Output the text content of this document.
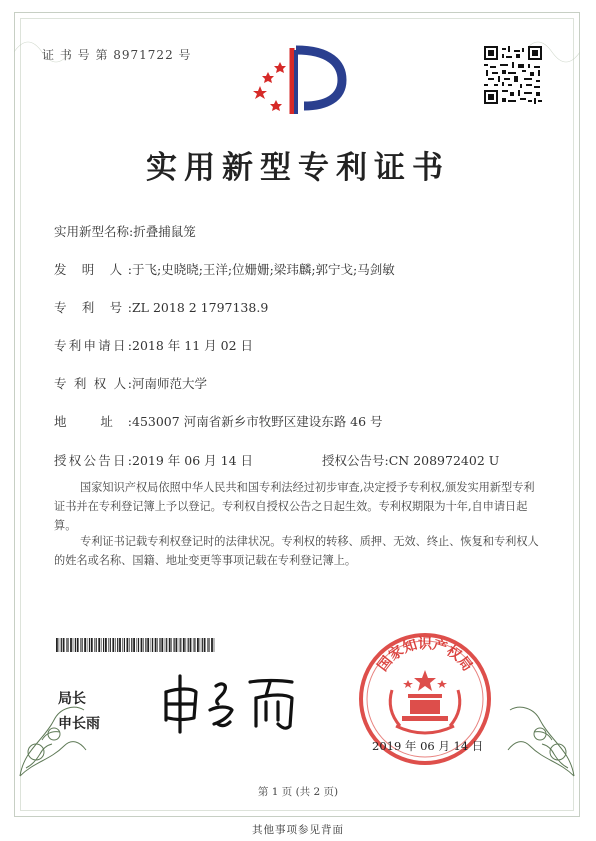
证 书 号 第 8971722 号
实用新型专利证书
实用新型名称:折叠捕鼠笼
发 明 人:于飞;史晓晓;王洋;位姗姗;梁玮麟;郭宁戈;马剑敏
专 利 号:ZL 2018 2 1797138.9
专利申请日:2018 年 11 月 02 日
专 利 权 人:河南师范大学
地 址:453007 河南省新乡市牧野区建设东路 46 号
授权公告日:2019 年 06 月 14 日	授权公告号:CN 208972402 U
国家知识产权局依照中华人民共和国专利法经过初步审查,决定授予专利权,颁发实用新型专利证书并在专利登记簿上予以登记。专利权自授权公告之日起生效。专利权期限为十年,自申请日起算。
专利证书记载专利权登记时的法律状况。专利权的转移、质押、无效、终止、恢复和专利权人的姓名或名称、国籍、地址变更等事项记载在专利登记簿上。
局长
申长雨
国家知识产权局
2019 年 06 月 14 日
第 1 页 (共 2 页)
其他事项参见背面
